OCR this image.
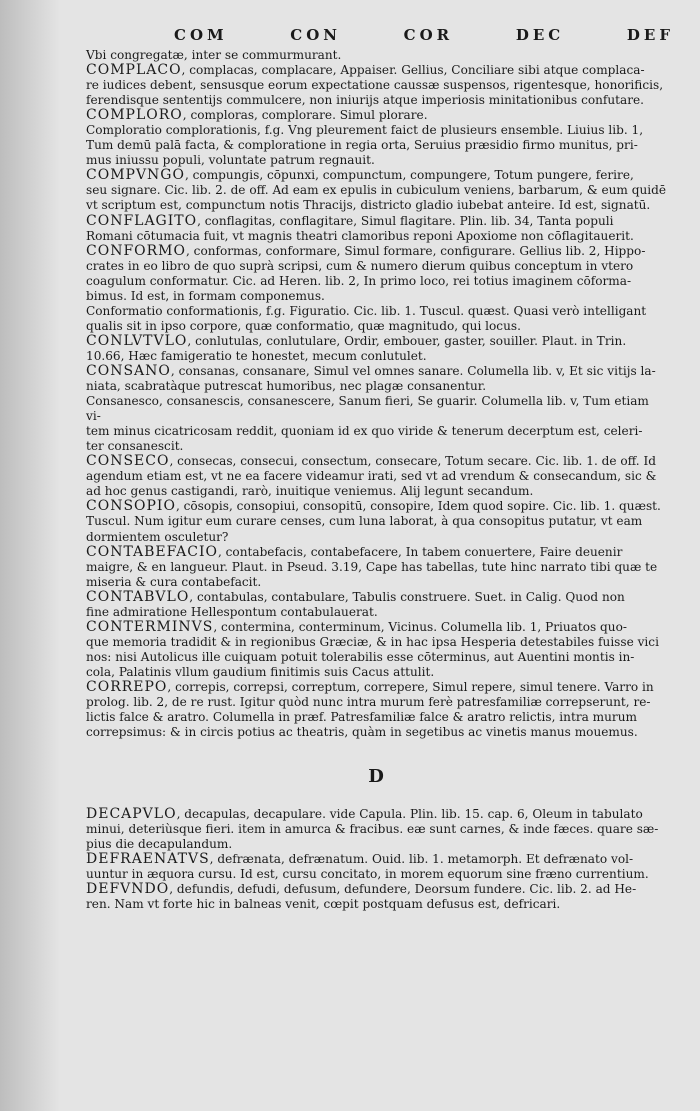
COM	CON	COR	DEC	DEF
Vbi congregatæ, inter se commurmurant.
COMPLACO, complacas, complacare, Appaiser. Gellius, Conciliare sibi atque complaca-
re iudices debent, sensusque eorum expectatione caussæ suspensos, rigentesque, honorificis,
ferendisque sententijs commulcere, non iniurijs atque imperiosis minitationibus confutare.
COMPLORO, comploras, complorare. Simul plorare.
Comploratio complorationis, f.g. Vng pleurement faict de plusieurs ensemble. Liuius lib. 1,
Tum demū palā facta, & comploratione in regia orta, Seruius præsidio firmo munitus, pri-
mus iniussu populi, voluntate patrum regnauit.
COMPVNGO, compungis, cōpunxi, compunctum, compungere, Totum pungere, ferire,
seu signare. Cic. lib. 2. de off. Ad eam ex epulis in cubiculum veniens, barbarum, & eum quidē
vt scriptum est, compunctum notis Thracijs, districto gladio iubebat anteire. Id est, signatū.
CONFLAGITO, conflagitas, conflagitare, Simul flagitare. Plin. lib. 34, Tanta populi
Romani cōtumacia fuit, vt magnis theatri clamoribus reponi Apoxiome non cōflagitauerit.
CONFORMO, conformas, conformare, Simul formare, configurare. Gellius lib. 2, Hippo-
crates in eo libro de quo suprà scripsi, cum & numero dierum quibus conceptum in vtero
coagulum conformatur. Cic. ad Heren. lib. 2, In primo loco, rei totius imaginem cōforma-
bimus. Id est, in formam componemus.
Conformatio conformationis, f.g. Figuratio. Cic. lib. 1. Tuscul. quæst. Quasi verò intelligant
qualis sit in ipso corpore, quæ conformatio, quæ magnitudo, qui locus.
CONLVTVLO, conlutulas, conlutulare, Ordir, embouer, gaster, souiller. Plaut. in Trin.
10.66, Hæc famigeratio te honestet, mecum conlutulet.
CONSANO, consanas, consanare, Simul vel omnes sanare. Columella lib. v, Et sic vitijs la-
niata, scabratàque putrescat humoribus, nec plagæ consanentur.
Consanesco, consanescis, consanescere, Sanum fieri, Se guarir. Columella lib. v, Tum etiam vi-
tem minus cicatricosam reddit, quoniam id ex quo viride & tenerum decerptum est, celeri-
ter consanescit.
CONSECO, consecas, consecui, consectum, consecare, Totum secare. Cic. lib. 1. de off. Id
agendum etiam est, vt ne ea facere videamur irati, sed vt ad vrendum & consecandum, sic &
ad hoc genus castigandi, rarò, inuitique veniemus. Alij legunt secandum.
CONSOPIO, cōsopis, consopiui, consopitū, consopire, Idem quod sopire. Cic. lib. 1. quæst.
Tuscul. Num igitur eum curare censes, cum luna laborat, à qua consopitus putatur, vt eam
dormientem osculetur?
CONTABEFACIO, contabefacis, contabefacere, In tabem conuertere, Faire deuenir
maigre, & en langueur. Plaut. in Pseud. 3.19, Cape has tabellas, tute hinc narrato tibi quæ te
miseria & cura contabefacit.
CONTABVLO, contabulas, contabulare, Tabulis construere. Suet. in Calig. Quod non
fine admiratione Hellespontum contabulauerat.
CONTERMINVS, contermina, conterminum, Vicinus. Columella lib. 1, Priuatos quo-
que memoria tradidit & in regionibus Græciæ, & in hac ipsa Hesperia detestabiles fuisse vici
nos: nisi Autolicus ille cuiquam potuit tolerabilis esse cōterminus, aut Auentini montis in-
cola, Palatinis vllum gaudium finitimis suis Cacus attulit.
CORREPO, correpis, correpsi, correptum, correpere, Simul repere, simul tenere. Varro in
prolog. lib. 2, de re rust. Igitur quòd nunc intra murum ferè patresfamiliæ correpserunt, re-
lictis falce & aratro. Columella in præf. Patresfamiliæ falce & aratro relictis, intra murum
correpsimus: & in circis potius ac theatris, quàm in segetibus ac vinetis manus mouemus.
D
DECAPVLO, decapulas, decapulare. vide Capula. Plin. lib. 15. cap. 6, Oleum in tabulato
minui, deteriùsque fieri. item in amurca & fracibus. eæ sunt carnes, & inde fæces. quare sæ-
pius die decapulandum.
DEFRAENATVS, defrænata, defrænatum. Ouid. lib. 1. metamorph. Et defrænato vol-
uuntur in æquora cursu. Id est, cursu concitato, in morem equorum sine fræno currentium.
DEFVNDO, defundis, defudi, defusum, defundere, Deorsum fundere. Cic. lib. 2. ad He-
ren. Nam vt forte hic in balneas venit, cœpit postquam defusus est, defricari.
